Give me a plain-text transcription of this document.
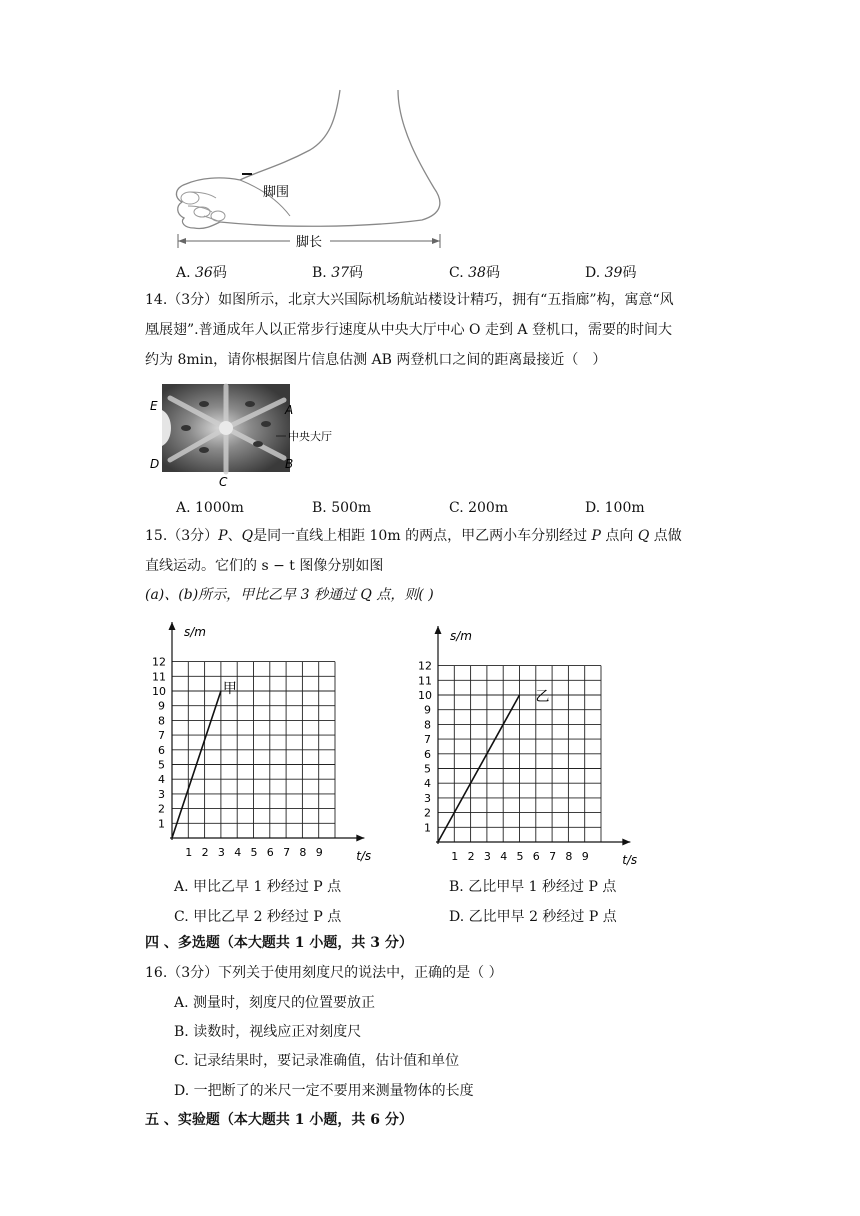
脚围
脚长
A. 36码	B. 37码	C. 38码	D. 39码
14.（3分）如图所示，北京大兴国际机场航站楼设计精巧，拥有“五指廊”构，寓意“风
凰展翅”.普通成年人以正常步行速度从中央大厅中心 O 走到 A 登机口，需要的时间大
约为 8min，请你根据图片信息估测 AB 两登机口之间的距离最接近（　）
E	A
中央大厅
D	B
C
A. 1000m	B. 500m	C. 200m	D. 100m
15.（3分）P、Q是同一直线上相距 10m 的两点，甲乙两小车分别经过 P 点向 Q 点做
直线运动。它们的 s − t 图像分别如图
(a)、(b)所示，甲比乙早 3 秒通过 Q 点，则( )
1 2 3 4 5 6 7 8 9
1
2
3
4
5
6
7
8
9
10
11
12
s/m
t/s
甲
1 2 3 4 5 6 7 8 9
1
2
3
4
5
6
7
8
9
10
11
12
s/m
t/s
乙
A. 甲比乙早 1 秒经过 P 点	B. 乙比甲早 1 秒经过 P 点
C. 甲比乙早 2 秒经过 P 点	D. 乙比甲早 2 秒经过 P 点
四 、多选题（本大题共 1 小题，共 3 分）
16.（3分）下列关于使用刻度尺的说法中，正确的是（ ）
A. 测量时，刻度尺的位置要放正
B. 读数时，视线应正对刻度尺
C. 记录结果时，要记录准确值，估计值和单位
D. 一把断了的米尺一定不要用来测量物体的长度
五 、实验题（本大题共 1 小题，共 6 分）
